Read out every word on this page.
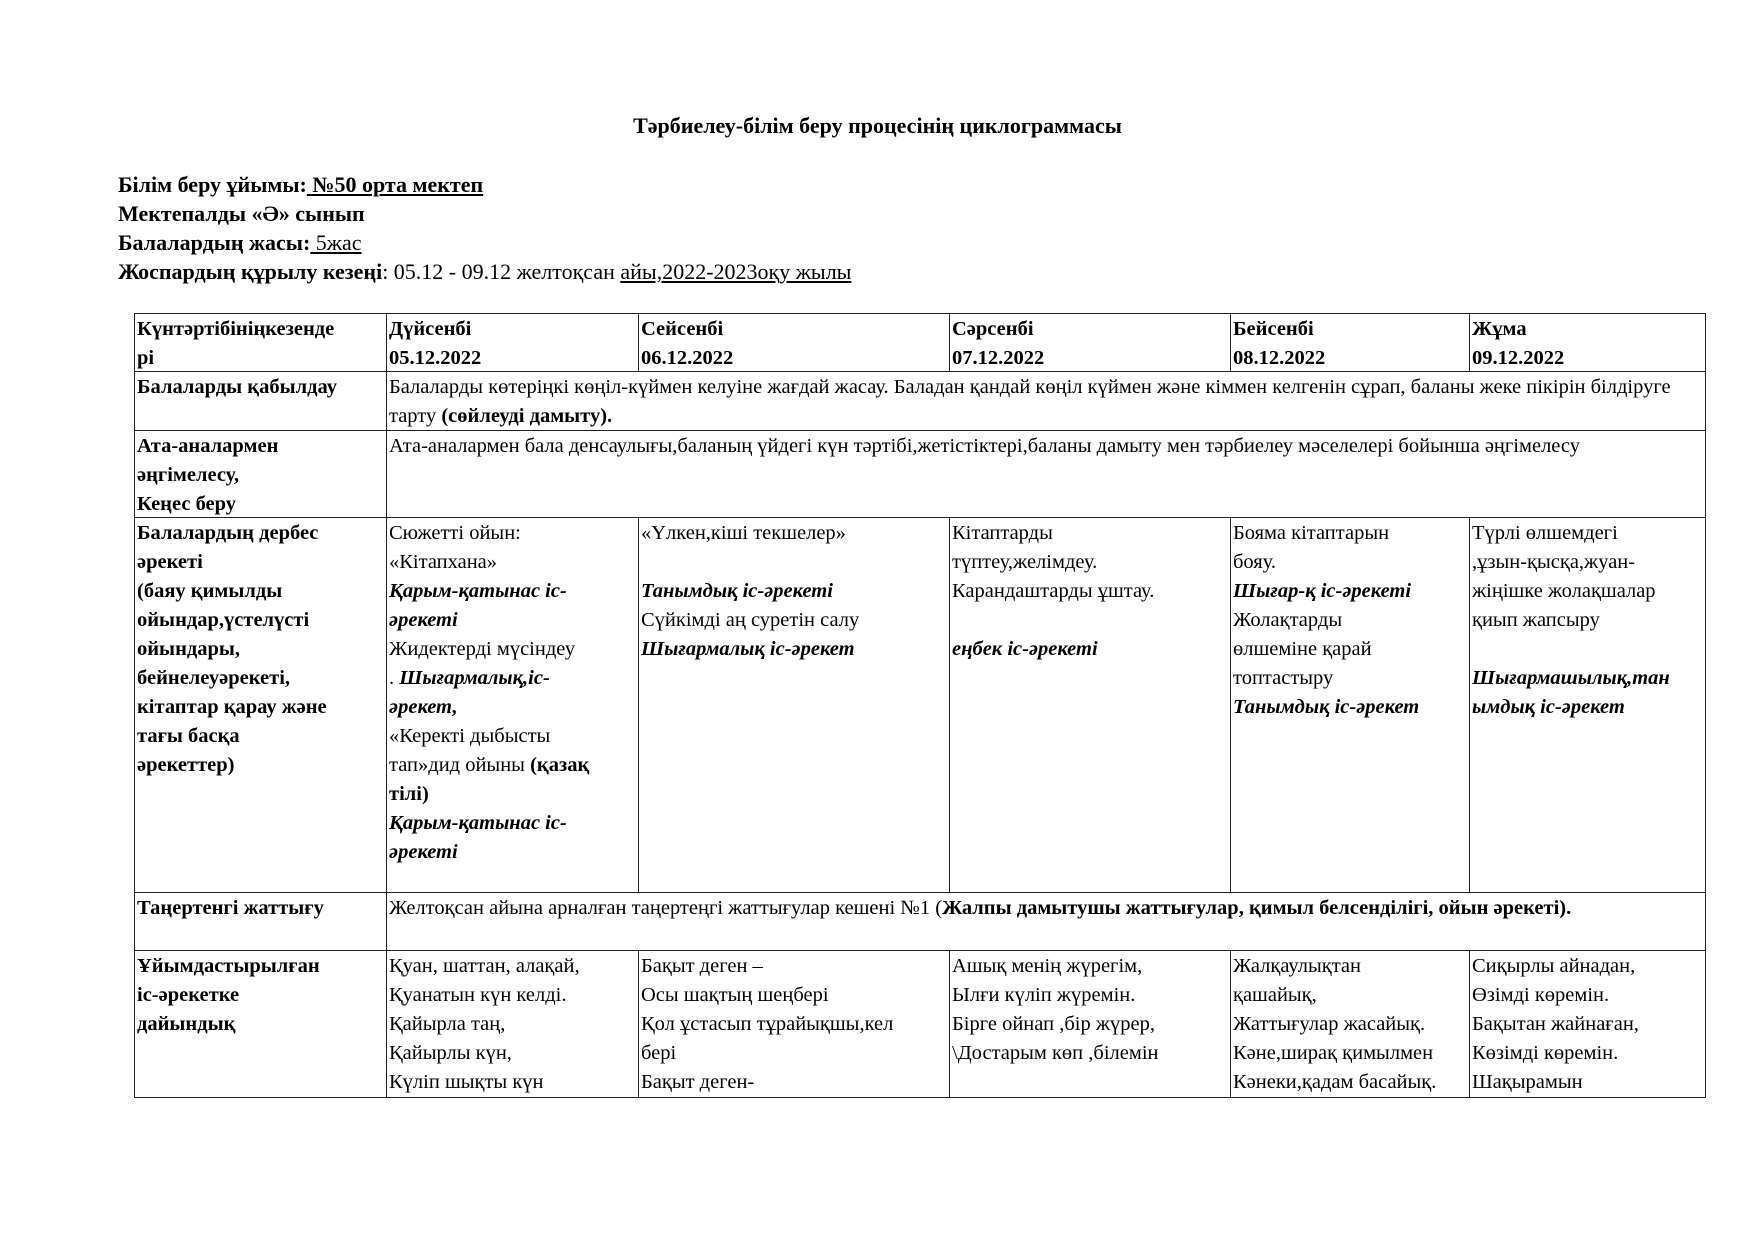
Тәрбиелеу-білім беру процесінің циклограммасы
Білім беру ұйымы: №50 орта мектеп
Мектепалды «Ә» сынып
Балалардың жасы: 5жас
Жоспардың құрылу кезеңі: 05.12 - 09.12 желтоқсан айы,2022-2023оқу жылы
Күнтәртібініңкезенде
рі
Дүйсенбі
05.12.2022
Сейсенбі
06.12.2022
Сәрсенбі
07.12.2022
Бейсенбі
08.12.2022
Жұма
09.12.2022
Балаларды қабылдау	Балаларды көтеріңкі көңіл-күймен келуіне жағдай жасау. Баладан қандай көңіл күймен және кіммен келгенін сұрап, баланы жеке пікірін білдіруге тарту (сөйлеуді дамыту).
Ата-аналармен
әңгімелесу,
Кеңес беру
Ата-аналармен бала денсаулығы,баланың үйдегі күн тәртібі,жетістіктері,баланы дамыту мен тәрбиелеу мәселелері бойынша әңгімелесу
Балалардың дербес
әрекеті
(баяу қимылды
ойындар,үстелүсті
ойындары,
бейнелеуәрекеті,
кітаптар қарау және
тағы басқа
әрекеттер)
Сюжетті ойын:
«Кітапхана»
Қарым-қатынас іс-
әрекеті
Жидектерді мүсіндеу
. Шығармалық,іс-
әрекет,
«Керекті дыбысты
тап»дид ойыны (қазақ
тілі)
Қарым-қатынас іс-
әрекеті
«Үлкен,кіші текшелер»
Танымдық іс-әрекеті
Сүйкімді аң суретін салу
Шығармалық іс-әрекет
Кітаптарды
түптеу,желімдеу.
Карандаштарды ұштау.
еңбек іс-әрекеті
Бояма кітаптарын
бояу.
Шығар-қ іс-әрекеті
Жолақтарды
өлшеміне қарай
топтастыру
Танымдық іс-әрекет
Түрлі өлшемдегі
,ұзын-қысқа,жуан-
жіңішке жолақшалар
қиып жапсыру
Шығармашылық,тан
ымдық іс-әрекет
Таңертенгі жаттығу	Желтоқсан айына арналған таңертеңгі жаттығулар кешені №1 (Жалпы дамытушы жаттығулар, қимыл белсенділігі, ойын әрекеті).
Ұйымдастырылған
іс-әрекетке
дайындық
Қуан, шаттан, алақай,
Қуанатын күн келді.
Қайырла таң,
Қайырлы күн,
Күліп шықты күн
Бақыт деген –
Осы шақтың шеңбері
Қол ұстасып тұрайықшы,кел
бері
Бақыт деген-
Ашық менің жүрегім,
Ылғи күліп жүремін.
Бірге ойнап ,бір жүрер,
\Достарым көп ,білемін
Жалқаулықтан
қашайық,
Жаттығулар жасайық.
Кәне,ширақ қимылмен
Кәнеки,қадам басайық.
Сиқырлы айнадан,
Өзімді көремін.
Бақытан жайнаған,
Көзімді көремін.
Шақырамын
